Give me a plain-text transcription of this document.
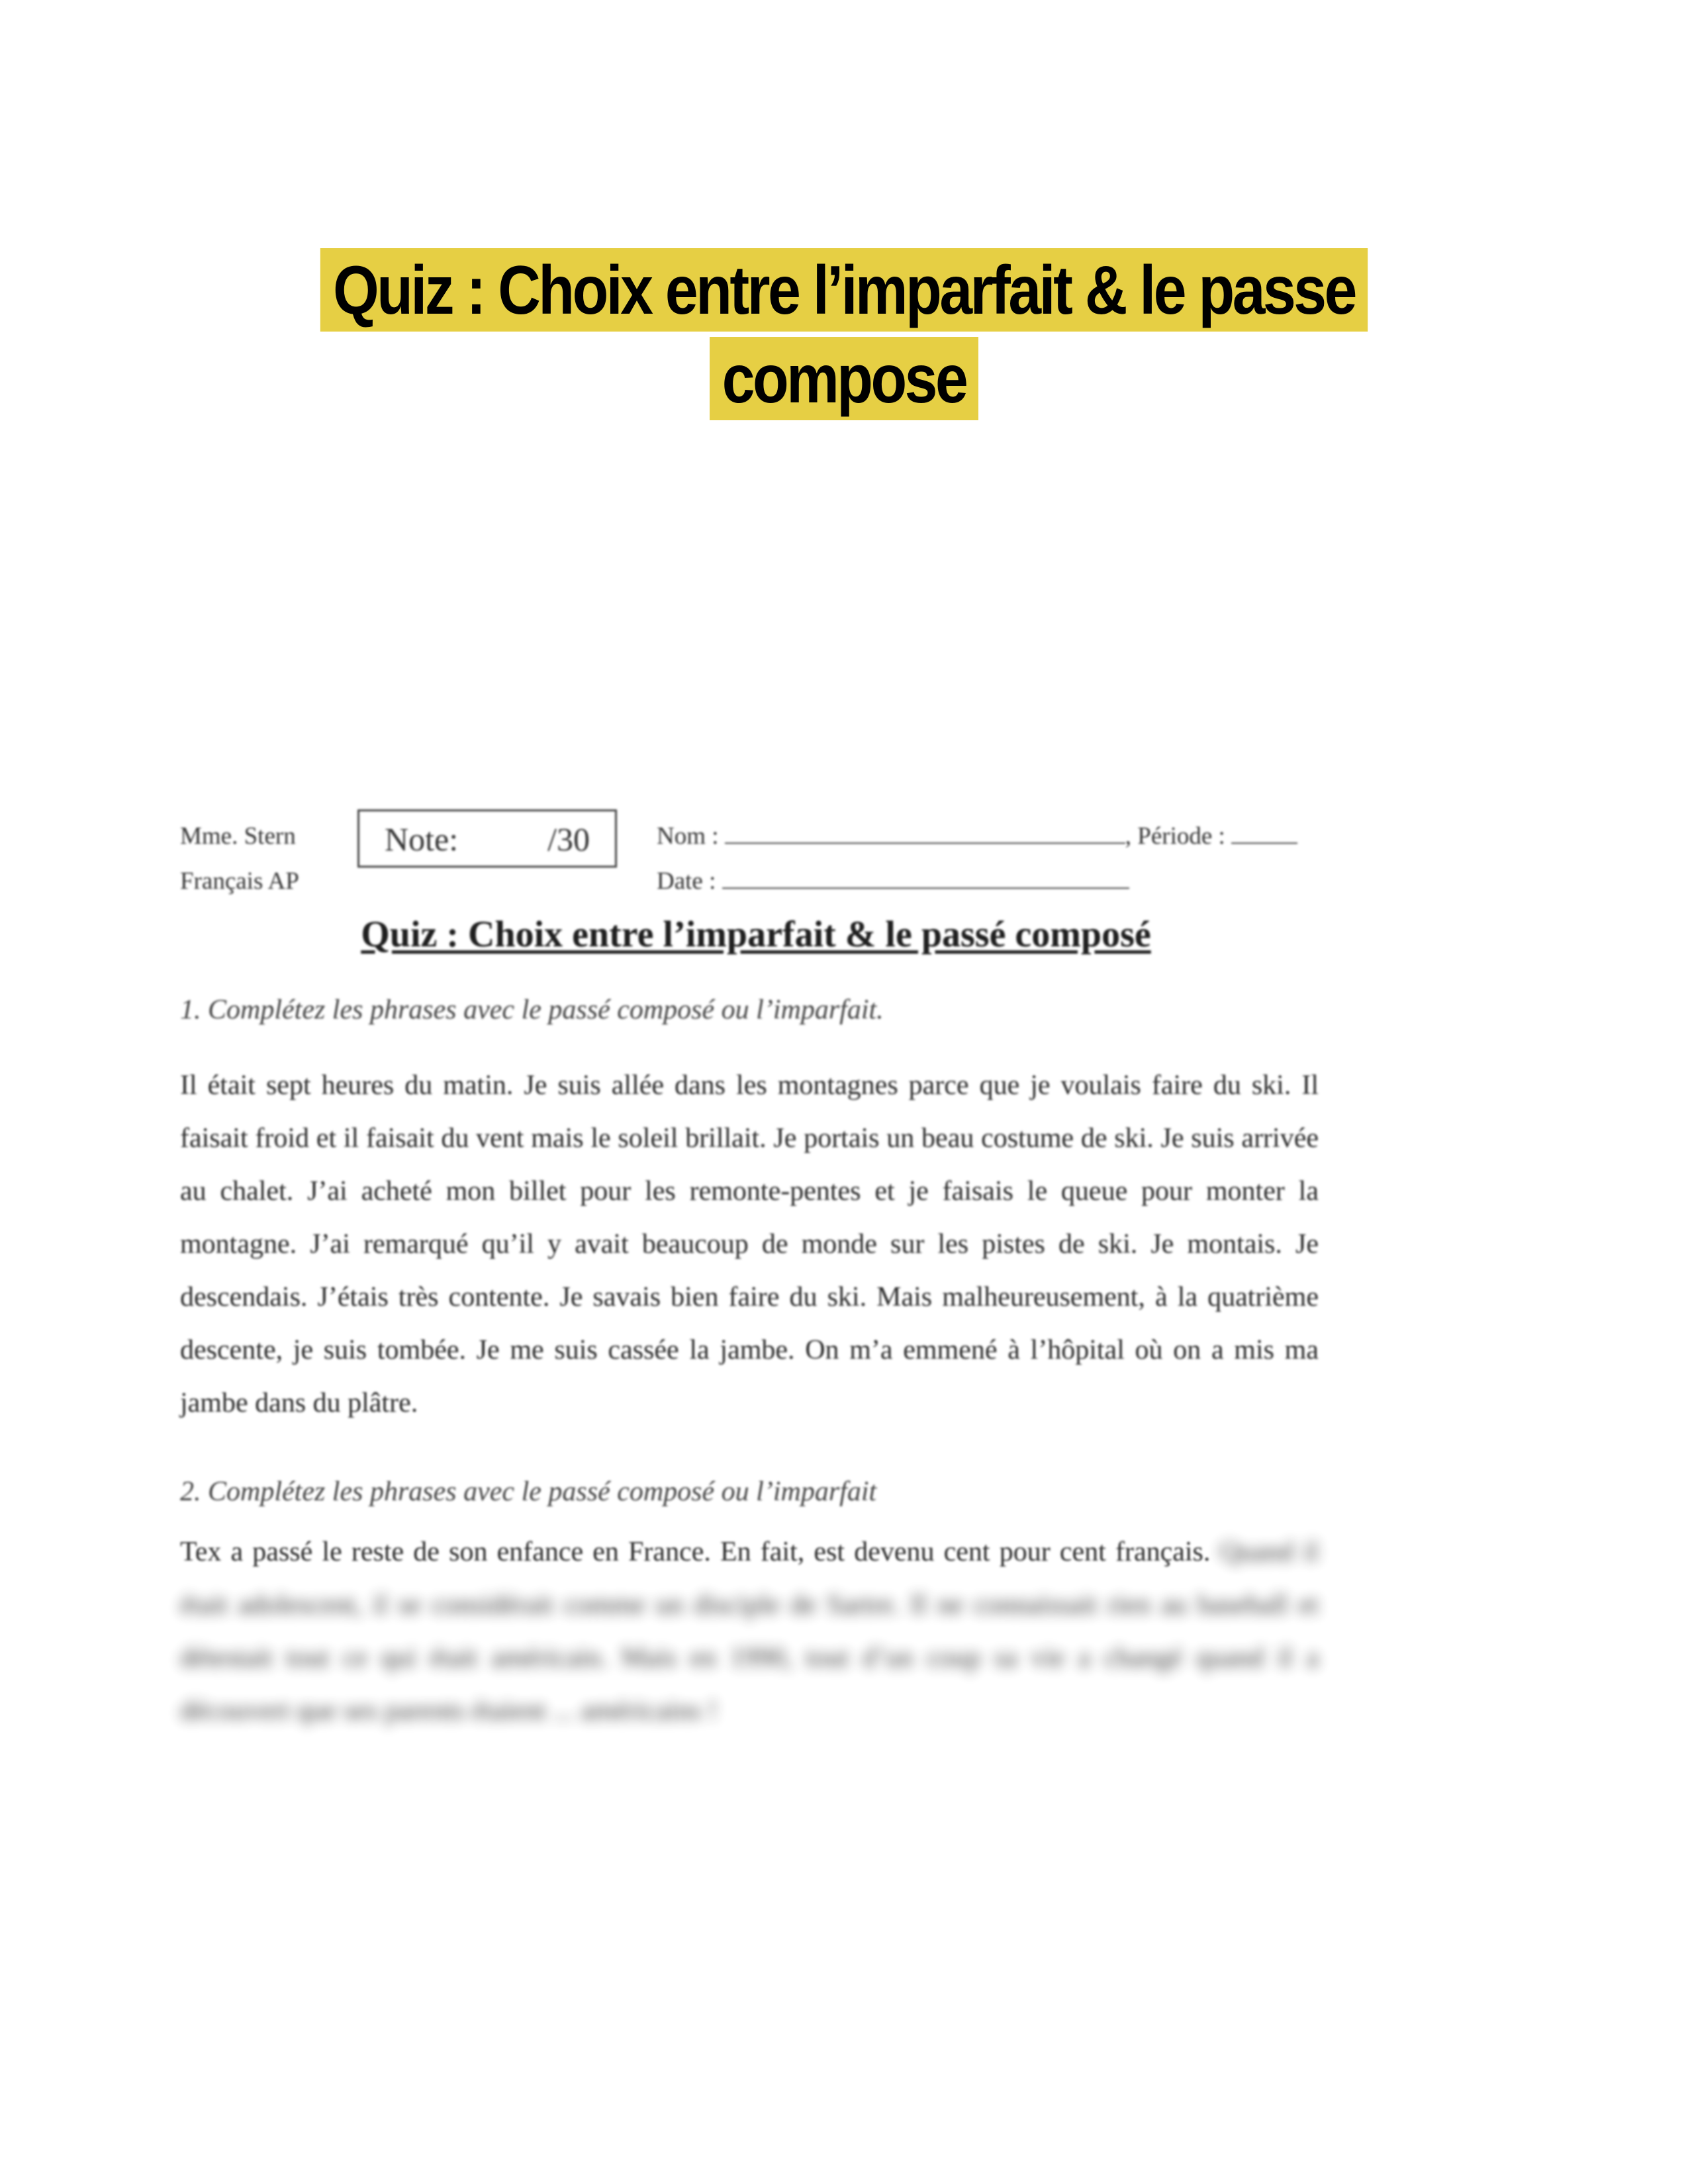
Quiz : Choix entre l’imparfait & le passe
compose
Mme. Stern
Français AP
Note:	/30	Nom :	, Période :
Date :
Quiz : Choix entre l’imparfait & le passé composé
1. Complétez les phrases avec le passé composé ou l’imparfait.
Il était sept heures du matin. Je suis allée dans les montagnes parce que je voulais faire du ski. Il faisait froid et il faisait du vent mais le soleil brillait. Je portais un beau costume de ski. Je suis arrivée au chalet. J’ai acheté mon billet pour les remonte-pentes et je faisais le queue pour monter la montagne. J’ai remarqué qu’il y avait beaucoup de monde sur les pistes de ski. Je montais. Je descendais. J’étais très contente. Je savais bien faire du ski. Mais malheureusement, à la quatrième descente, je suis tombée. Je me suis cassée la jambe. On m’a emmené à l’hôpital où on a mis ma jambe dans du plâtre.
2. Complétez les phrases avec le passé composé ou l’imparfait
Tex a passé le reste de son enfance en France. En fait, est devenu cent pour cent français. Quand il était adolescent, il se considérait comme un disciple de Sartre. Il ne connaissait rien au baseball et détestait tout ce qui était américain. Mais en 1990, tout d’un coup sa vie a changé quand il a découvert que ses parents étaient ... américains !
